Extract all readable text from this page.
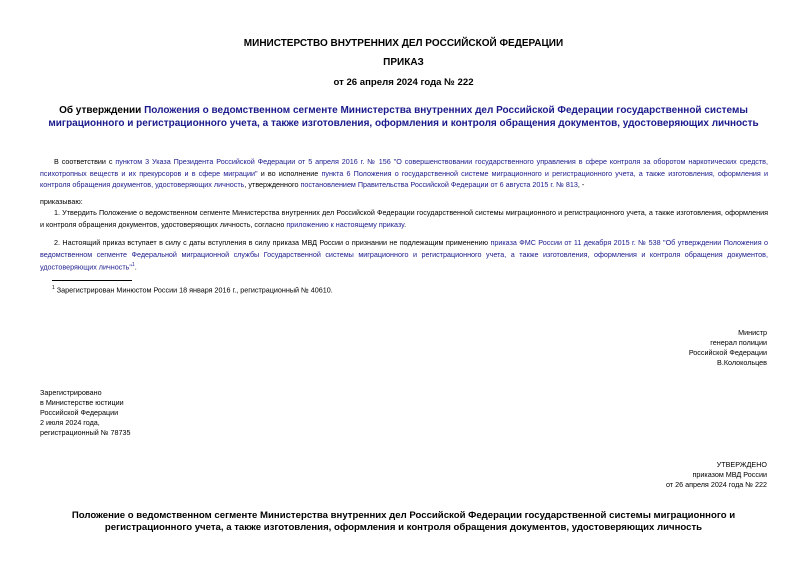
МИНИСТЕРСТВО ВНУТРЕННИХ ДЕЛ РОССИЙСКОЙ ФЕДЕРАЦИИ
ПРИКАЗ
от 26 апреля 2024 года № 222
Об утверждении Положения о ведомственном сегменте Министерства внутренних дел Российской Федерации государственной системы миграционного и регистрационного учета, а также изготовления, оформления и контроля обращения документов, удостоверяющих личность
В соответствии с пунктом 3 Указа Президента Российской Федерации от 5 апреля 2016 г. № 156 "О совершенствовании государственного управления в сфере контроля за оборотом наркотических средств, психотропных веществ и их прекурсоров и в сфере миграции" и во исполнение пункта 6 Положения о государственной системе миграционного и регистрационного учета, а также изготовления, оформления и контроля обращения документов, удостоверяющих личность, утвержденного постановлением Правительства Российской Федерации от 6 августа 2015 г. № 813, -
приказываю:
1. Утвердить Положение о ведомственном сегменте Министерства внутренних дел Российской Федерации государственной системы миграционного и регистрационного учета, а также изготовления, оформления и контроля обращения документов, удостоверяющих личность, согласно приложению к настоящему приказу.
2. Настоящий приказ вступает в силу с даты вступления в силу приказа МВД России о признании не подлежащим применению приказа ФМС России от 11 декабря 2015 г. № 538 "Об утверждении Положения о ведомственном сегменте Федеральной миграционной службы Государственной системы миграционного и регистрационного учета, а также изготовления, оформления и контроля обращения документов, удостоверяющих личность"$^1$.
$^1$ Зарегистрирован Минюстом России 18 января 2016 г., регистрационный № 40610.
Министр
генерал полиции
Российской Федерации
В.Колокольцев
Зарегистрировано
в Министерстве юстиции
Российской Федерации
2 июля 2024 года,
регистрационный № 78735
УТВЕРЖДЕНО
приказом МВД России
от 26 апреля 2024 года № 222
Положение о ведомственном сегменте Министерства внутренних дел Российской Федерации государственной системы миграционного и регистрационного учета, а также изготовления, оформления и контроля обращения документов, удостоверяющих личность
